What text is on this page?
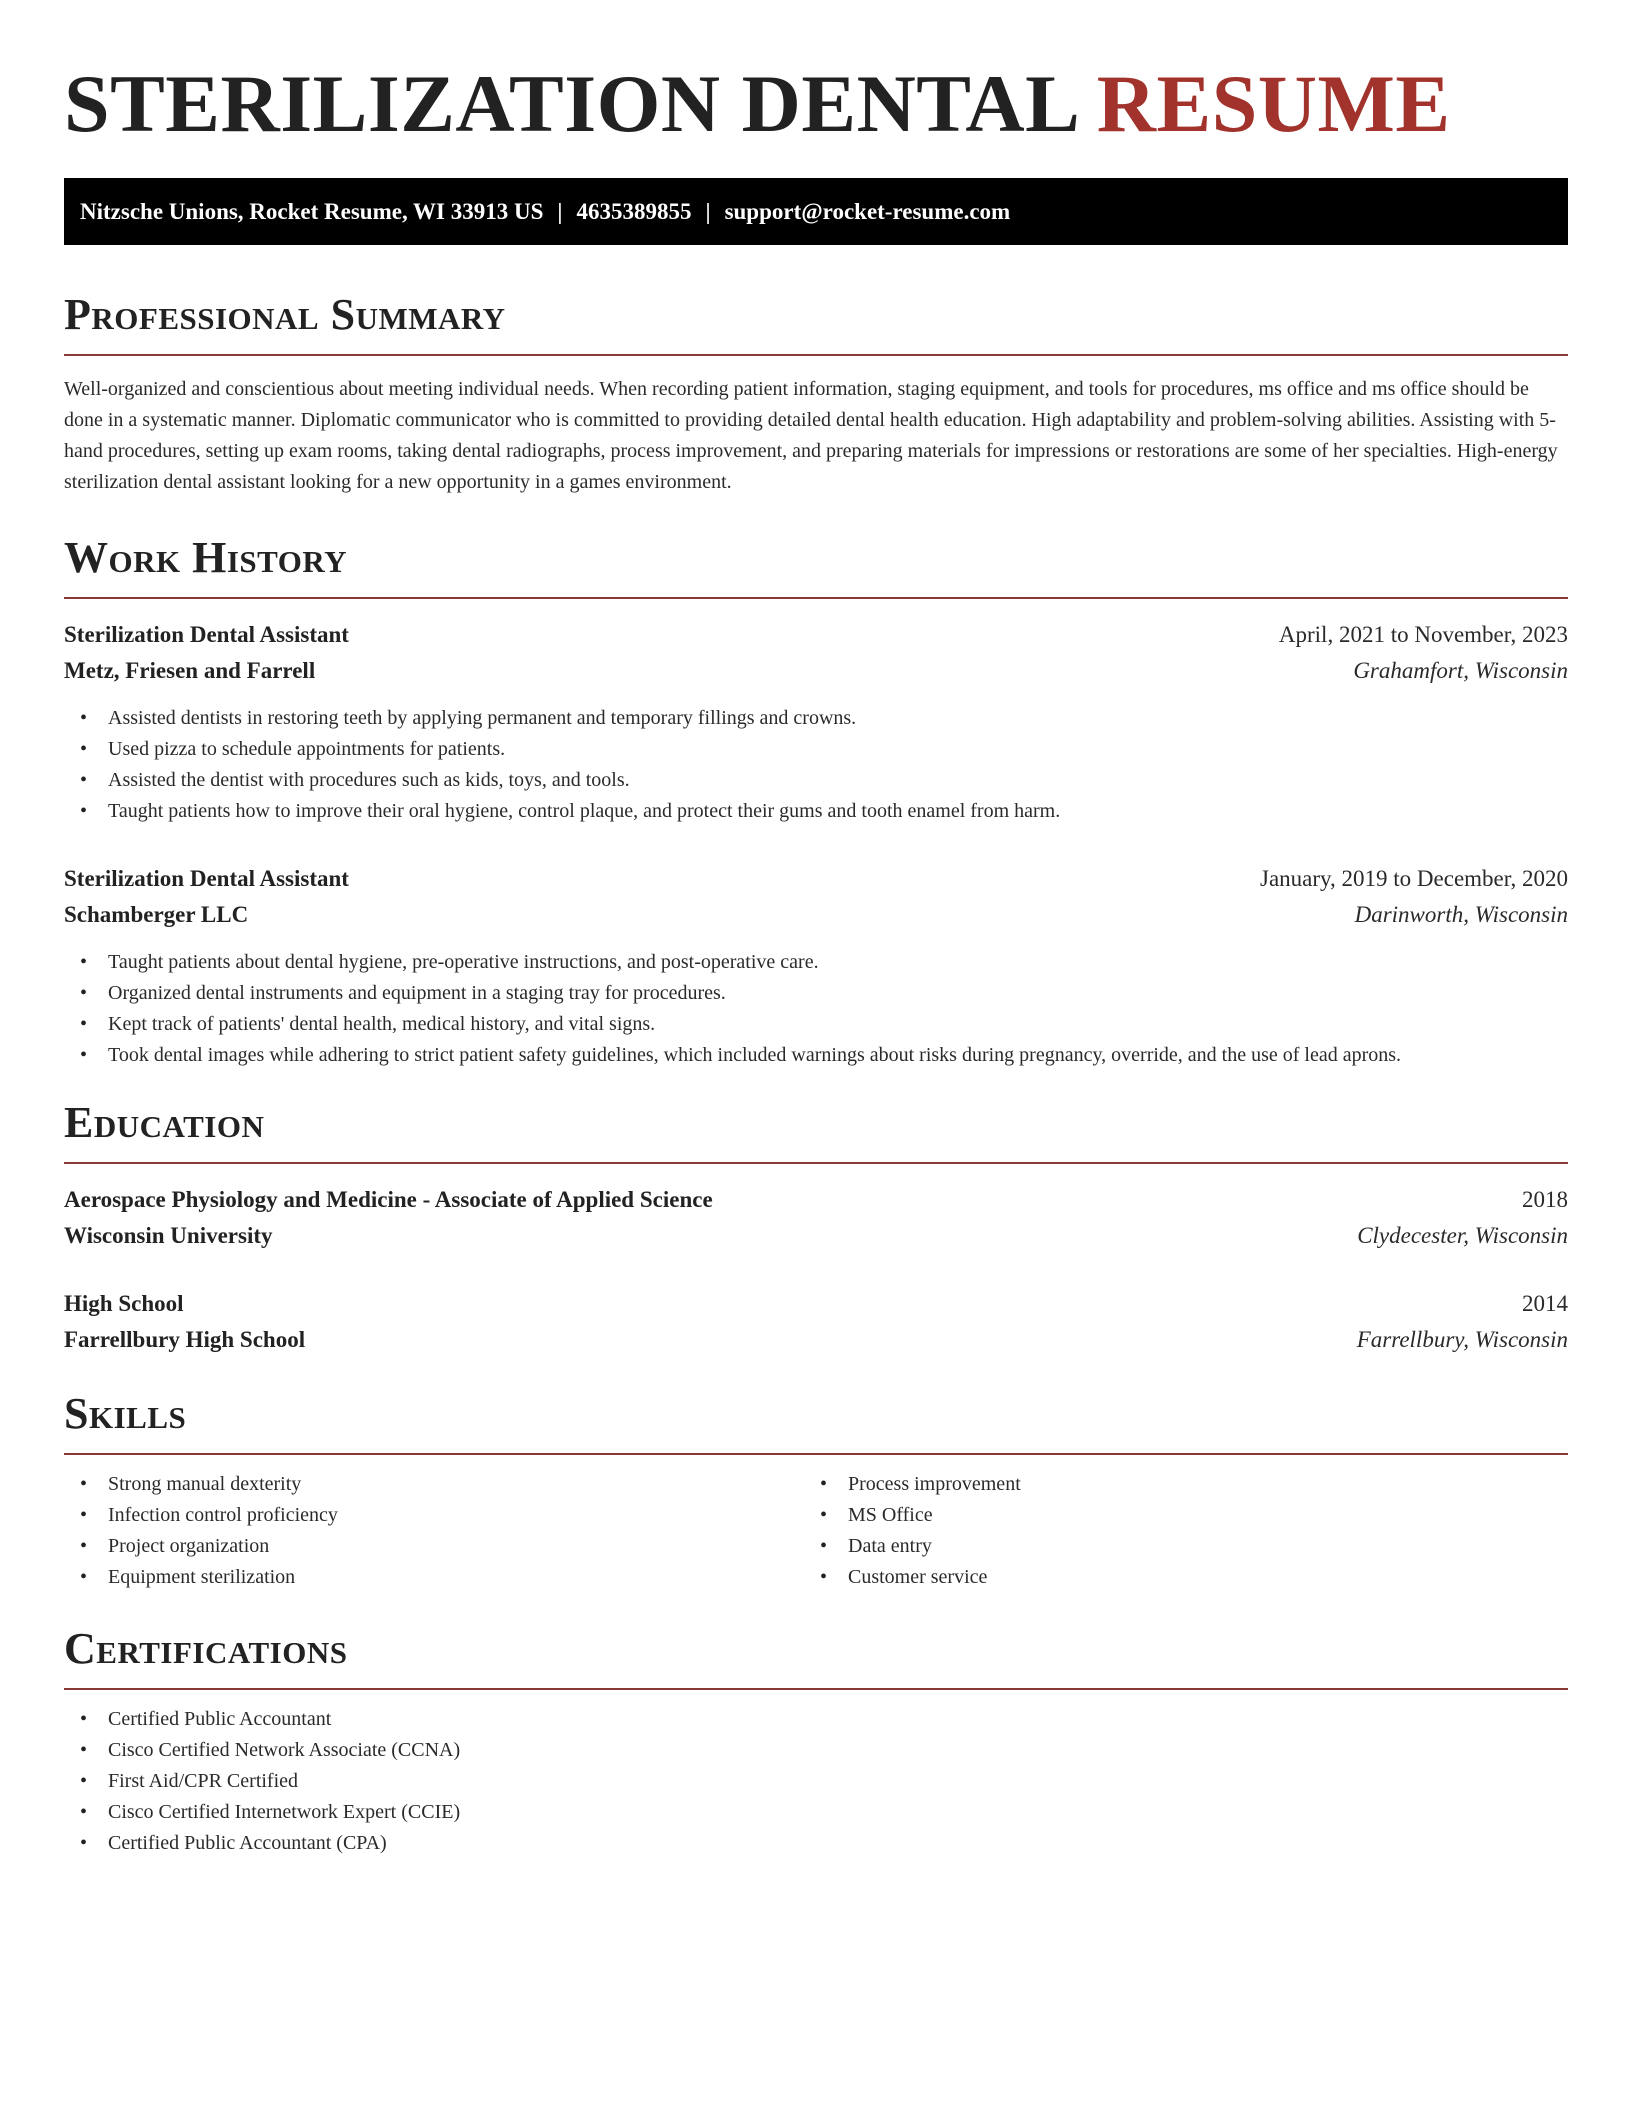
STERILIZATION DENTAL RESUME
Nitzsche Unions, Rocket Resume, WI 33913 US | 4635389855 | support@rocket-resume.com
Professional Summary

Well-organized and conscientious about meeting individual needs. When recording patient information, staging equipment, and tools for procedures, ms office and ms office should be done in a systematic manner. Diplomatic communicator who is committed to providing detailed dental health education. High adaptability and problem-solving abilities. Assisting with 5-hand procedures, setting up exam rooms, taking dental radiographs, process improvement, and preparing materials for impressions or restorations are some of her specialties. High-energy sterilization dental assistant looking for a new opportunity in a games environment.

Work History
Sterilization Dental Assistant	April, 2021 to November, 2023
Metz, Friesen and Farrell	Grahamfort, Wisconsin
• Assisted dentists in restoring teeth by applying permanent and temporary fillings and crowns.
• Used pizza to schedule appointments for patients.
• Assisted the dentist with procedures such as kids, toys, and tools.
• Taught patients how to improve their oral hygiene, control plaque, and protect their gums and tooth enamel from harm.
Sterilization Dental Assistant	January, 2019 to December, 2020
Schamberger LLC	Darinworth, Wisconsin
• Taught patients about dental hygiene, pre-operative instructions, and post-operative care.
• Organized dental instruments and equipment in a staging tray for procedures.
• Kept track of patients' dental health, medical history, and vital signs.
• Took dental images while adhering to strict patient safety guidelines, which included warnings about risks during pregnancy, override, and the use of lead aprons.
Education
Aerospace Physiology and Medicine - Associate of Applied Science	2018
Wisconsin University	Clydecester, Wisconsin
High School	2014
Farrellbury High School	Farrellbury, Wisconsin
Skills
• Strong manual dexterity
• Infection control proficiency
• Project organization
• Equipment sterilization
• Process improvement
• MS Office
• Data entry
• Customer service
Certifications
• Certified Public Accountant
• Cisco Certified Network Associate (CCNA)
• First Aid/CPR Certified
• Cisco Certified Internetwork Expert (CCIE)
• Certified Public Accountant (CPA)
